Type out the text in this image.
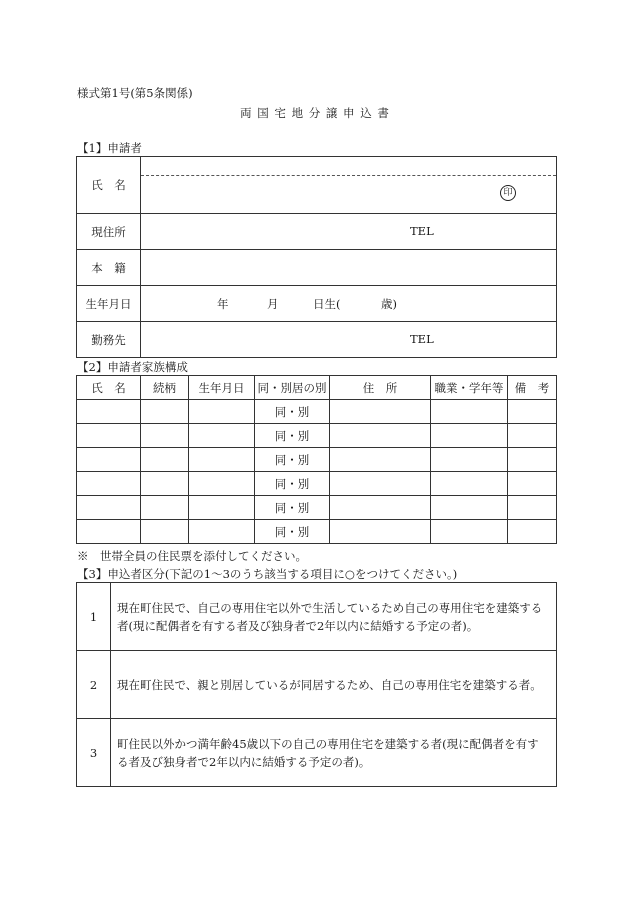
様式第1号(第5条関係)
両 国 宅 地 分 譲 申 込 書
【1】申請者
氏　名	印

現住所	TEL

本　籍	
生年月日	年 月 日生( 歳)

勤務先	TEL
【2】申請者家族構成
氏　名	続柄	生年月日	同・別居の別	住　所	職業・学年等	備　考
			同・別			
			同・別			
			同・別			
			同・別			
			同・別			
			同・別			
※　世帯全員の住民票を添付してください。
【3】申込者区分(下記の1～3のうち該当する項目に○をつけてください。)
1	現在町住民で、自己の専用住宅以外で生活しているため自己の専用住宅を建築する者(現に配偶者を有する者及び独身者で2年以内に結婚する予定の者)。
2	現在町住民で、親と別居しているが同居するため、自己の専用住宅を建築する者。
3	町住民以外かつ満年齢45歳以下の自己の専用住宅を建築する者(現に配偶者を有する者及び独身者で2年以内に結婚する予定の者)。
